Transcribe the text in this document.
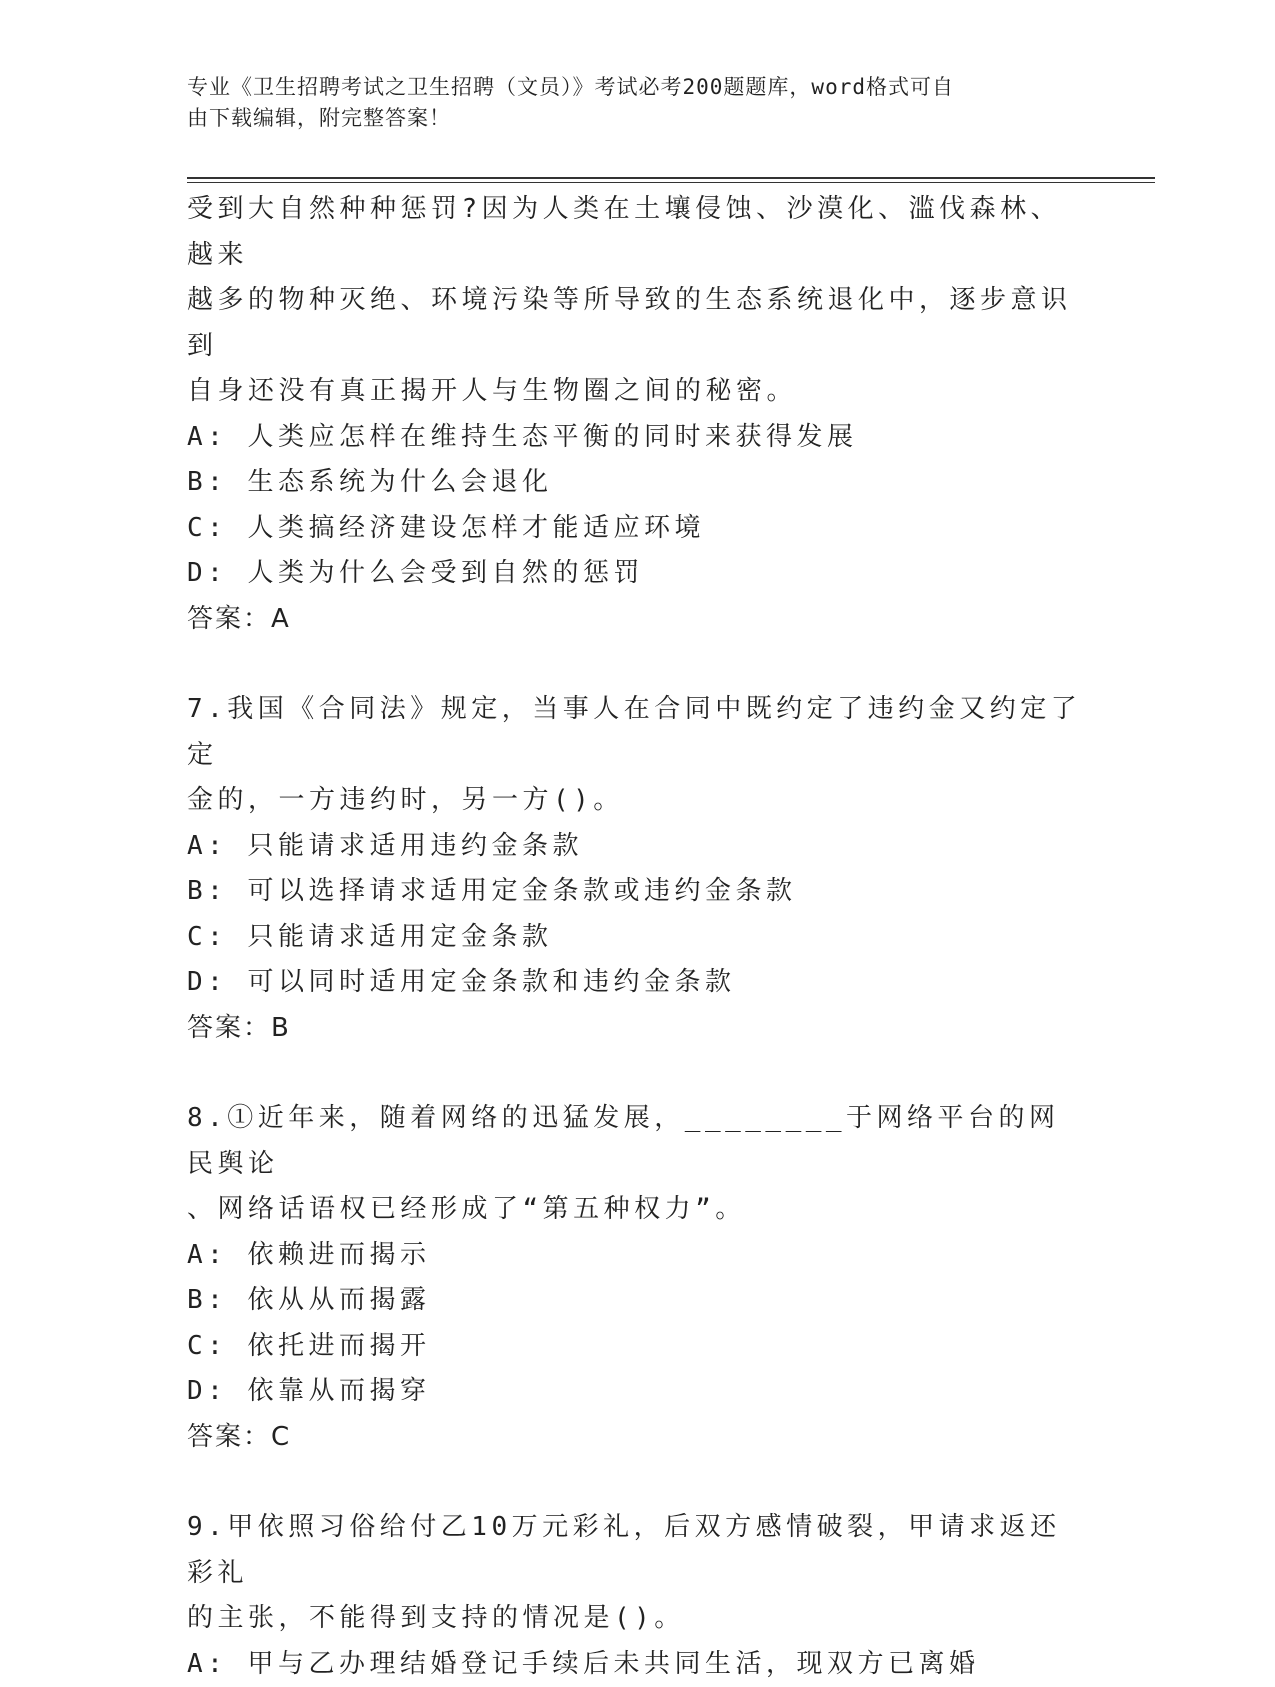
专业《卫生招聘考试之卫生招聘（文员）》考试必考200题题库，word格式可自
由下载编辑，附完整答案！

受到大自然种种惩罚?因为人类在土壤侵蚀、沙漠化、滥伐森林、越来

越多的物种灭绝、环境污染等所导致的生态系统退化中，逐步意识到

自身还没有真正揭开人与生物圈之间的秘密。

A: 人类应怎样在维持生态平衡的同时来获得发展

B: 生态系统为什么会退化

C: 人类搞经济建设怎样才能适应环境

D: 人类为什么会受到自然的惩罚

答案：A

7.我国《合同法》规定，当事人在合同中既约定了违约金又约定了定

金的，一方违约时，另一方()。

A: 只能请求适用违约金条款

B: 可以选择请求适用定金条款或违约金条款

C: 只能请求适用定金条款

D: 可以同时适用定金条款和违约金条款

答案：B

8.①近年来，随着网络的迅猛发展，________于网络平台的网民舆论

、网络话语权已经形成了“第五种权力”。

A: 依赖进而揭示

B: 依从从而揭露

C: 依托进而揭开

D: 依靠从而揭穿

答案：C

9.甲依照习俗给付乙10万元彩礼，后双方感情破裂，甲请求返还彩礼

的主张，不能得到支持的情况是()。

A: 甲与乙办理结婚登记手续后未共同生活，现双方已离婚
